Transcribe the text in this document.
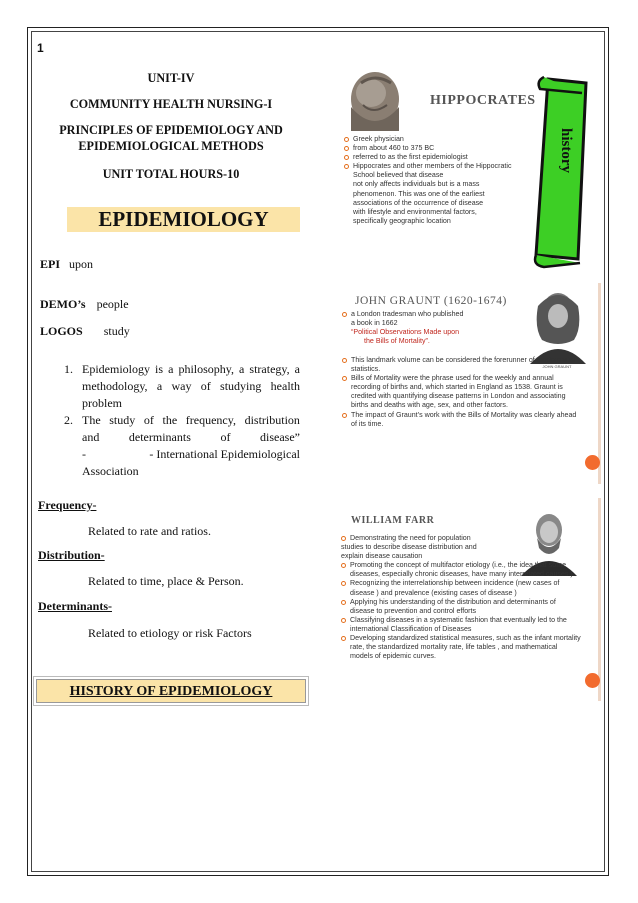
1
UNIT-IV
COMMUNITY HEALTH NURSING-I
PRINCIPLES OF EPIDEMIOLOGY AND
EPIDEMIOLOGICAL METHODS
UNIT TOTAL HOURS-10
EPIDEMIOLOGY
EPI upon
DEMO’s people
LOGOS study
1. Epidemiology is a philosophy, a strategy, a methodology, a way of studying health problem
2. The study of the frequency, distribution
and determinants of disease”
-	- International Epidemiological
Association
Frequency-
Related to rate and ratios.
Distribution-
Related to time, place & Person.
Determinants-
Related to etiology or risk Factors
HISTORY OF EPIDEMIOLOGY
HIPPOCRATES
history
Greek physician
from about 460 to 375 BC
referred to as the first epidemiologist
Hippocrates and other members of the Hippocratic School believed that disease
not only affects individuals but is a mass
phenomenon. This was one of the earliest
associations of the occurrence of disease
with lifestyle and environmental factors,
specifically geographic location
JOHN GRAUNT (1620-1674)
JOHN GRAUNT
a London tradesman who published
a book in 1662
“Political Observations Made upon
the Bills of Mortality”.
This landmark volume can be considered the forerunner of modern vital statistics.
Bills of Mortality were the phrase used for the weekly and annual recording of births and, which started in England as 1538. Graunt is credited with quantifying disease patterns in London and associating births and deaths with age, sex, and other factors.
The impact of Graunt’s work with the Bills of Mortality was clearly ahead of its time.
WILLIAM FARR
Demonstrating the need for population
studies to describe disease distribution and
explain disease causation
Promoting the concept of multifactor etiology (i.e., the idea that some diseases, especially chronic diseases, have many interrelated causes )
Recognizing the interrelationship between incidence (new cases of disease ) and prevalence (existing cases of disease )
Applying his understanding of the distribution and determinants of disease to prevention and control efforts
Classifying diseases in a systematic fashion that eventually led to the international Classification of Diseases
Developing standardized statistical measures, such as the infant mortality rate, the standardized mortality rate, life tables , and mathematical models of epidemic curves.
